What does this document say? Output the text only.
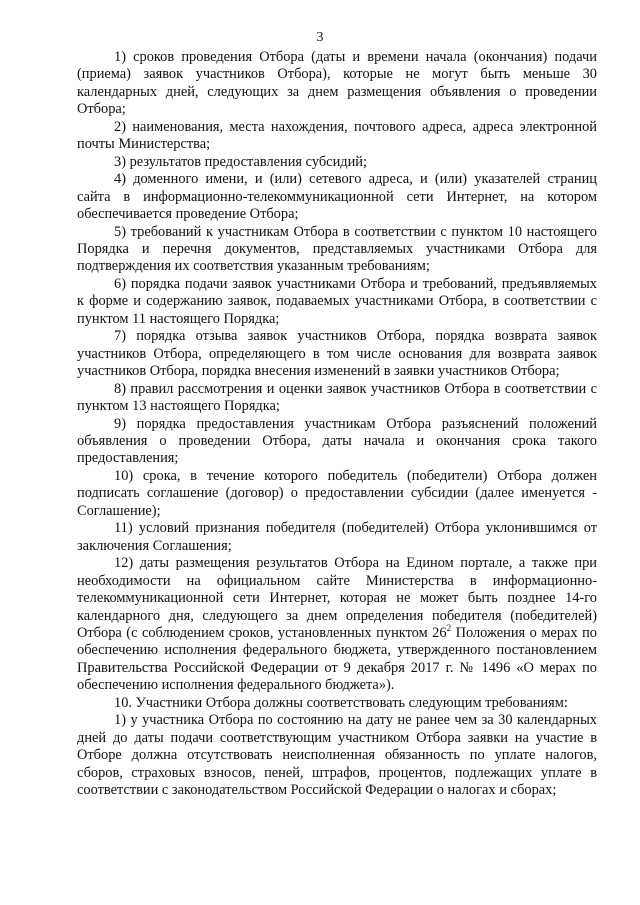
3

1) сроков проведения Отбора (даты и времени начала (окончания) подачи (приема) заявок участников Отбора), которые не могут быть меньше 30 календарных дней, следующих за днем размещения объявления о проведении Отбора;

2) наименования, места нахождения, почтового адреса, адреса электронной почты Министерства;

3) результатов предоставления субсидий;

4) доменного имени, и (или) сетевого адреса, и (или) указателей страниц сайта в информационно-телекоммуникационной сети Интернет, на котором обеспечивается проведение Отбора;

5) требований к участникам Отбора в соответствии с пунктом 10 настоящего Порядка и перечня документов, представляемых участниками Отбора для подтверждения их соответствия указанным требованиям;

6) порядка подачи заявок участниками Отбора и требований, предъявляемых к форме и содержанию заявок, подаваемых участниками Отбора, в соответствии с пунктом 11 настоящего Порядка;

7) порядка отзыва заявок участников Отбора, порядка возврата заявок участников Отбора, определяющего в том числе основания для возврата заявок участников Отбора, порядка внесения изменений в заявки участников Отбора;

8) правил рассмотрения и оценки заявок участников Отбора в соответствии с пунктом 13 настоящего Порядка;

9) порядка предоставления участникам Отбора разъяснений положений объявления о проведении Отбора, даты начала и окончания срока такого предоставления;

10) срока, в течение которого победитель (победители) Отбора должен подписать соглашение (договор) о предоставлении субсидии (далее именуется - Соглашение);

11) условий признания победителя (победителей) Отбора уклонившимся от заключения Соглашения;

12) даты размещения результатов Отбора на Едином портале, а также при необходимости на официальном сайте Министерства в информационно-телекоммуникационной сети Интернет, которая не может быть позднее 14-го календарного дня, следующего за днем определения победителя (победителей) Отбора (с соблюдением сроков, установленных пунктом $26^2$ Положения о мерах по обеспечению исполнения федерального бюджета, утвержденного постановлением Правительства Российской Федерации от 9 декабря 2017 г. № 1496 «О мерах по обеспечению исполнения федерального бюджета»).

10. Участники Отбора должны соответствовать следующим требованиям:

1) у участника Отбора по состоянию на дату не ранее чем за 30 календарных дней до даты подачи соответствующим участником Отбора заявки на участие в Отборе должна отсутствовать неисполненная обязанность по уплате налогов, сборов, страховых взносов, пеней, штрафов, процентов, подлежащих уплате в соответствии с законодательством Российской Федерации о налогах и сборах;
